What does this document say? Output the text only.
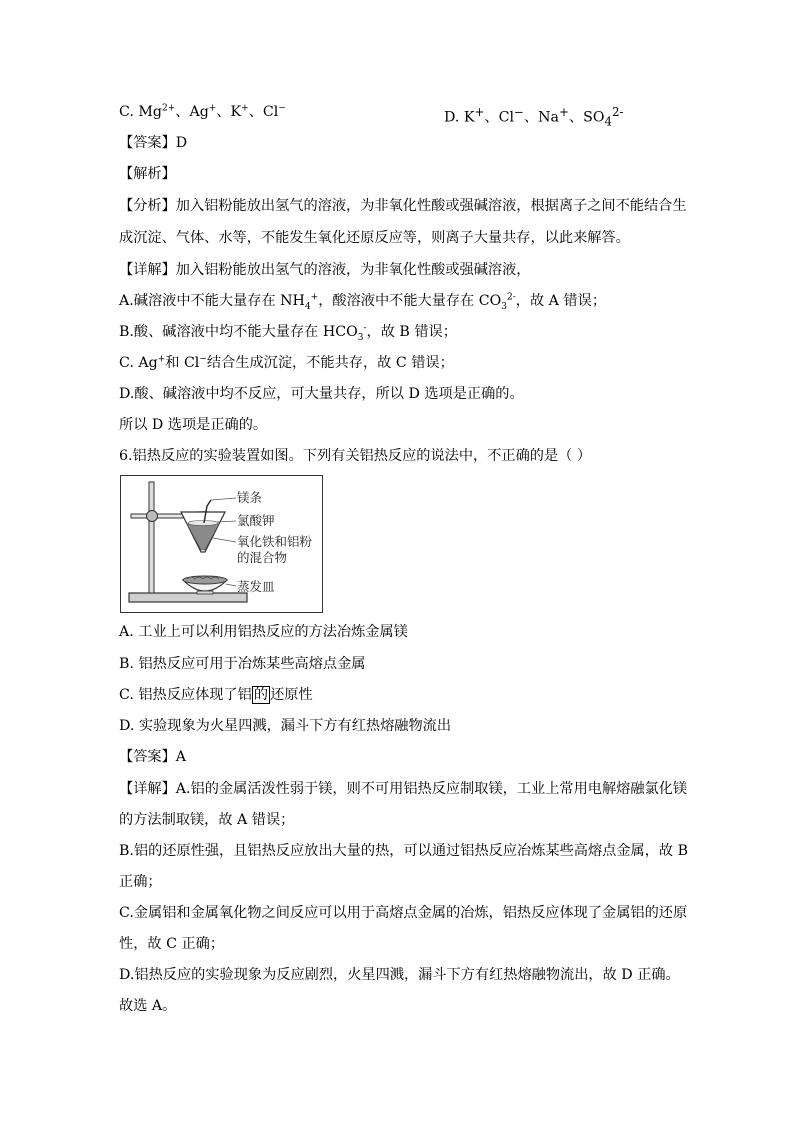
C. $Mg^{2+}$、Ag+、K+、Cl−
D. K+、Cl−、Na+、$SO_4^{2-}$
【答案】D
【解析】
【分析】加入铝粉能放出氢气的溶液，为非氧化性酸或强碱溶液，根据离子之间不能结合生
成沉淀、气体、水等，不能发生氧化还原反应等，则离子大量共存，以此来解答。
【详解】加入铝粉能放出氢气的溶液，为非氧化性酸或强碱溶液，
A.碱溶液中不能大量存在 $NH_4^+$，酸溶液中不能大量存在 $CO_3^{2-}$，故 A 错误；
B.酸、碱溶液中均不能大量存在 $HCO_3^-$，故 B 错误；
C. Ag+和 Cl−结合生成沉淀，不能共存，故 C 错误；
D.酸、碱溶液中均不反应，可大量共存，所以 D 选项是正确的。
所以 D 选项是正确的。
6.铝热反应的实验装置如图。下列有关铝热反应的说法中，不正确的是（ ）
镁条
氯酸钾
氧化铁和铝粉
的混合物
蒸发皿
A. 工业上可以利用铝热反应的方法冶炼金属镁
B. 铝热反应可用于冶炼某些高熔点金属
C. 铝热反应体现了铝 的 还原性
D. 实验现象为火星四溅，漏斗下方有红热熔融物流出
【答案】A
【详解】A.铝的金属活泼性弱于镁，则不可用铝热反应制取镁，工业上常用电解熔融氯化镁
的方法制取镁，故 A 错误；
B.铝的还原性强，且铝热反应放出大量的热，可以通过铝热反应冶炼某些高熔点金属，故 B
正确；
C.金属铝和金属氧化物之间反应可以用于高熔点金属的冶炼，铝热反应体现了金属铝的还原
性，故 C 正确；
D.铝热反应的实验现象为反应剧烈，火星四溅，漏斗下方有红热熔融物流出，故 D 正确。
故选 A。
